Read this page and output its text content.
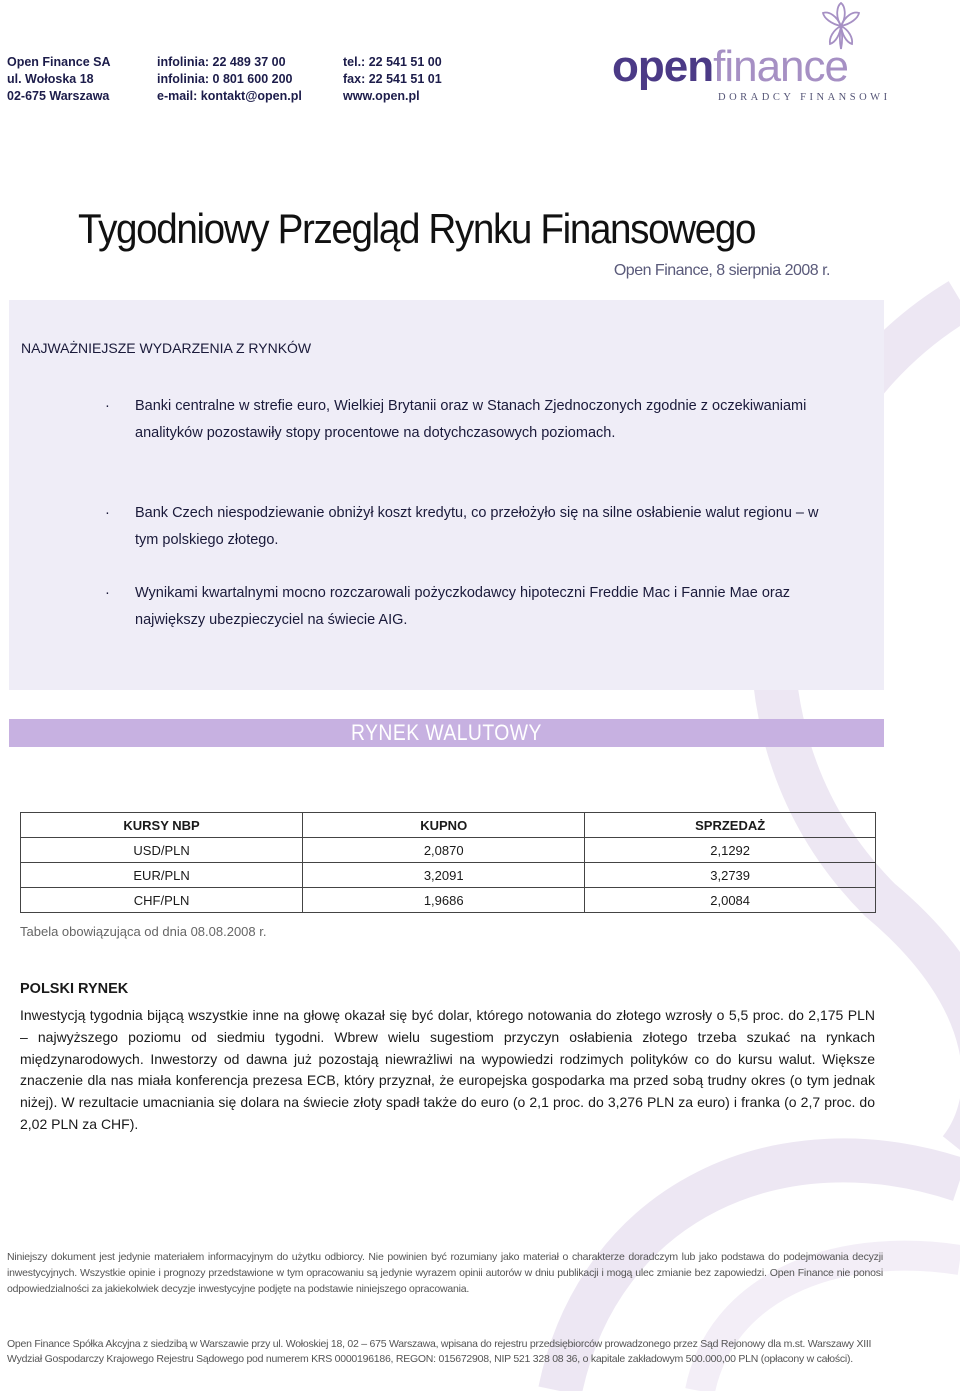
Open Finance SA
ul. Wołoska 18
02-675 Warszawa
infolinia: 22 489 37 00
infolinia: 0 801 600 200
e-mail: kontakt@open.pl
tel.: 22 541 51 00
fax: 22 541 51 01
www.open.pl
openfinance
DORADCY FINANSOWI
Tygodniowy Przegląd Rynku Finansowego
Open Finance, 8 sierpnia 2008 r.
NAJWAŻNIEJSZE WYDARZENIA Z RYNKÓW
· Banki centralne w strefie euro, Wielkiej Brytanii oraz w Stanach Zjednoczonych zgodnie z oczekiwaniami analityków pozostawiły stopy procentowe na dotychczasowych poziomach.
· Bank Czech niespodziewanie obniżył koszt kredytu, co przełożyło się na silne osłabienie walut regionu – w tym polskiego złotego.
· Wynikami kwartalnymi mocno rozczarowali pożyczkodawcy hipoteczni Freddie Mac i Fannie Mae oraz największy ubezpieczyciel na świecie AIG.
RYNEK WALUTOWY
KURSY NBP	KUPNO	SPRZEDAŻ
USD/PLN	2,0870	2,1292
EUR/PLN	3,2091	3,2739
CHF/PLN	1,9686	2,0084
Tabela obowiązująca od dnia 08.08.2008 r.
POLSKI RYNEK
Inwestycją tygodnia bijącą wszystkie inne na głowę okazał się być dolar, którego notowania do złotego wzrosły o 5,5 proc. do 2,175 PLN – najwyższego poziomu od siedmiu tygodni. Wbrew wielu sugestiom przyczyn osłabienia złotego trzeba szukać na rynkach międzynarodowych. Inwestorzy od dawna już pozostają niewrażliwi na wypowiedzi rodzimych polityków co do kursu walut. Większe znaczenie dla nas miała konferencja prezesa ECB, który przyznał, że europejska gospodarka ma przed sobą trudny okres (o tym jednak niżej). W rezultacie umacniania się dolara na świecie złoty spadł także do euro (o 2,1 proc. do 3,276 PLN za euro) i franka (o 2,7 proc. do 2,02 PLN za CHF).
Niniejszy dokument jest jedynie materiałem informacyjnym do użytku odbiorcy. Nie powinien być rozumiany jako materiał o charakterze doradczym lub jako podstawa do podejmowania decyzji inwestycyjnych. Wszystkie opinie i prognozy przedstawione w tym opracowaniu są jedynie wyrazem opinii autorów w dniu publikacji i mogą ulec zmianie bez zapowiedzi. Open Finance nie ponosi odpowiedzialności za jakiekolwiek decyzje inwestycyjne podjęte na podstawie niniejszego opracowania.
Open Finance Spółka Akcyjna z siedzibą w Warszawie przy ul. Wołoskiej 18, 02 – 675 Warszawa, wpisana do rejestru przedsiębiorców prowadzonego przez Sąd Rejonowy dla m.st. Warszawy XIII
Wydział Gospodarczy Krajowego Rejestru Sądowego pod numerem KRS 0000196186, REGON: 015672908, NIP 521 328 08 36, o kapitale zakładowym 500.000,00 PLN (opłacony w całości).
